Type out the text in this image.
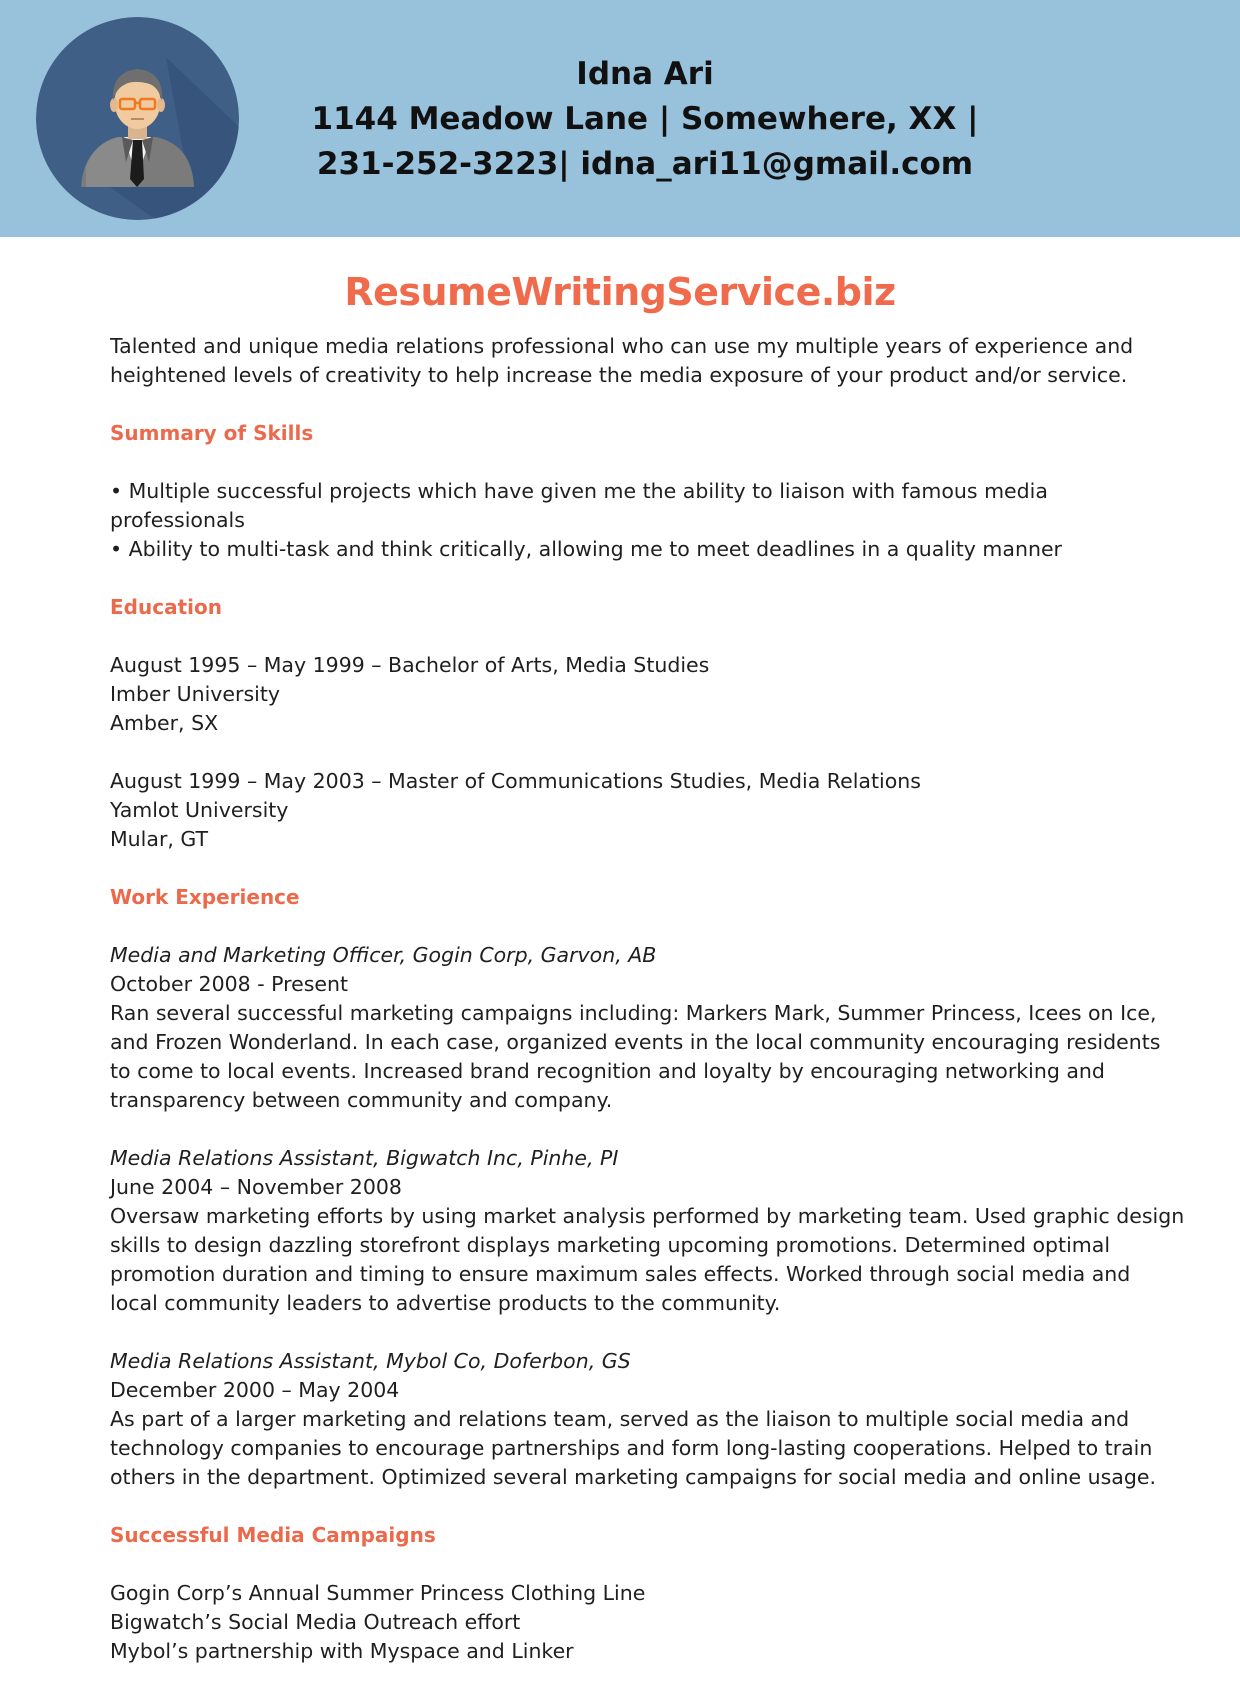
Idna Ari
1144 Meadow Lane | Somewhere, XX |
231-252-3223| idna_ari11@gmail.com
ResumeWritingService.biz

Talented and unique media relations professional who can use my multiple years of experience and

heightened levels of creativity to help increase the media exposure of your product and/or service.

Summary of Skills

• Multiple successful projects which have given me the ability to liaison with famous media

professionals

• Ability to multi-task and think critically, allowing me to meet deadlines in a quality manner

Education

August 1995 – May 1999 – Bachelor of Arts, Media Studies

Imber University

Amber, SX

August 1999 – May 2003 – Master of Communications Studies, Media Relations

Yamlot University

Mular, GT

Work Experience

Media and Marketing Officer, Gogin Corp, Garvon, AB

October 2008 - Present

Ran several successful marketing campaigns including: Markers Mark, Summer Princess, Icees on Ice,

and Frozen Wonderland. In each case, organized events in the local community encouraging residents

to come to local events. Increased brand recognition and loyalty by encouraging networking and

transparency between community and company.

Media Relations Assistant, Bigwatch Inc, Pinhe, PI

June 2004 – November 2008

Oversaw marketing efforts by using market analysis performed by marketing team. Used graphic design

skills to design dazzling storefront displays marketing upcoming promotions. Determined optimal

promotion duration and timing to ensure maximum sales effects. Worked through social media and

local community leaders to advertise products to the community.

Media Relations Assistant, Mybol Co, Doferbon, GS

December 2000 – May 2004

As part of a larger marketing and relations team, served as the liaison to multiple social media and

technology companies to encourage partnerships and form long-lasting cooperations. Helped to train

others in the department. Optimized several marketing campaigns for social media and online usage.

Successful Media Campaigns

Gogin Corp’s Annual Summer Princess Clothing Line

Bigwatch’s Social Media Outreach effort

Mybol’s partnership with Myspace and Linker
